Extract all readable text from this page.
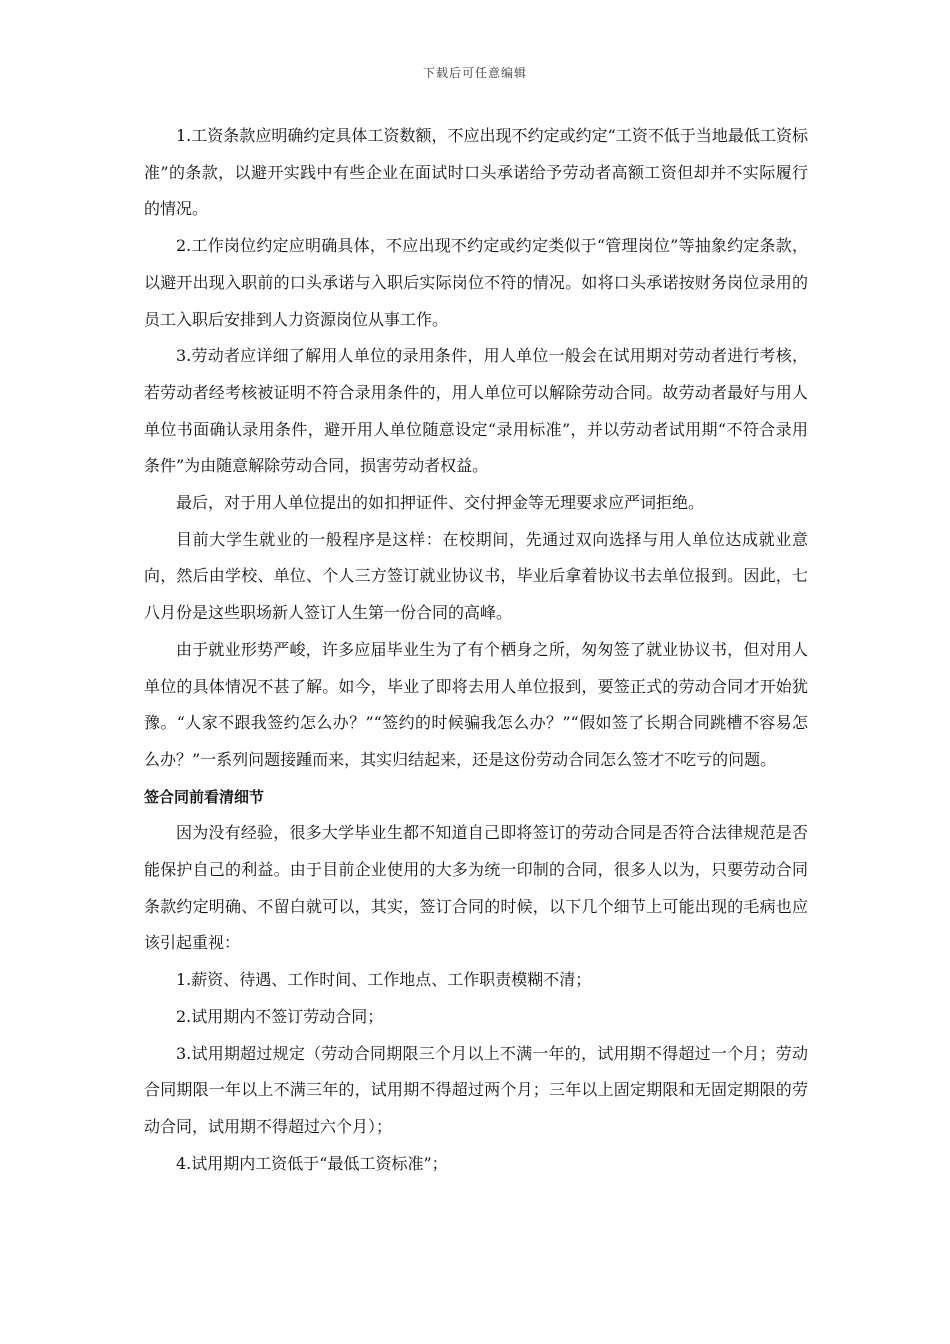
下载后可任意编辑

1.工资条款应明确约定具体工资数额，不应出现不约定或约定“工资不低于当地最低工资标准”的条款，以避开实践中有些企业在面试时口头承诺给予劳动者高额工资但却并不实际履行的情况。

2.工作岗位约定应明确具体，不应出现不约定或约定类似于“管理岗位”等抽象约定条款，以避开出现入职前的口头承诺与入职后实际岗位不符的情况。如将口头承诺按财务岗位录用的员工入职后安排到人力资源岗位从事工作。

3.劳动者应详细了解用人单位的录用条件，用人单位一般会在试用期对劳动者进行考核，若劳动者经考核被证明不符合录用条件的，用人单位可以解除劳动合同。故劳动者最好与用人单位书面确认录用条件，避开用人单位随意设定“录用标准”，并以劳动者试用期“不符合录用条件”为由随意解除劳动合同，损害劳动者权益。

最后，对于用人单位提出的如扣押证件、交付押金等无理要求应严词拒绝。

目前大学生就业的一般程序是这样：在校期间，先通过双向选择与用人单位达成就业意向，然后由学校、单位、个人三方签订就业协议书，毕业后拿着协议书去单位报到。因此，七八月份是这些职场新人签订人生第一份合同的高峰。

由于就业形势严峻，许多应届毕业生为了有个栖身之所，匆匆签了就业协议书，但对用人单位的具体情况不甚了解。如今，毕业了即将去用人单位报到，要签正式的劳动合同才开始犹豫。“人家不跟我签约怎么办？”“签约的时候骗我怎么办？”“假如签了长期合同跳槽不容易怎么办？”一系列问题接踵而来，其实归结起来，还是这份劳动合同怎么签才不吃亏的问题。

签合同前看清细节

因为没有经验，很多大学毕业生都不知道自己即将签订的劳动合同是否符合法律规范是否能保护自己的利益。由于目前企业使用的大多为统一印制的合同，很多人以为，只要劳动合同条款约定明确、不留白就可以，其实，签订合同的时候，以下几个细节上可能出现的毛病也应该引起重视：

1.薪资、待遇、工作时间、工作地点、工作职责模糊不清；

2.试用期内不签订劳动合同；

3.试用期超过规定（劳动合同期限三个月以上不满一年的，试用期不得超过一个月；劳动合同期限一年以上不满三年的，试用期不得超过两个月；三年以上固定期限和无固定期限的劳动合同，试用期不得超过六个月）；

4.试用期内工资低于“最低工资标准”；
